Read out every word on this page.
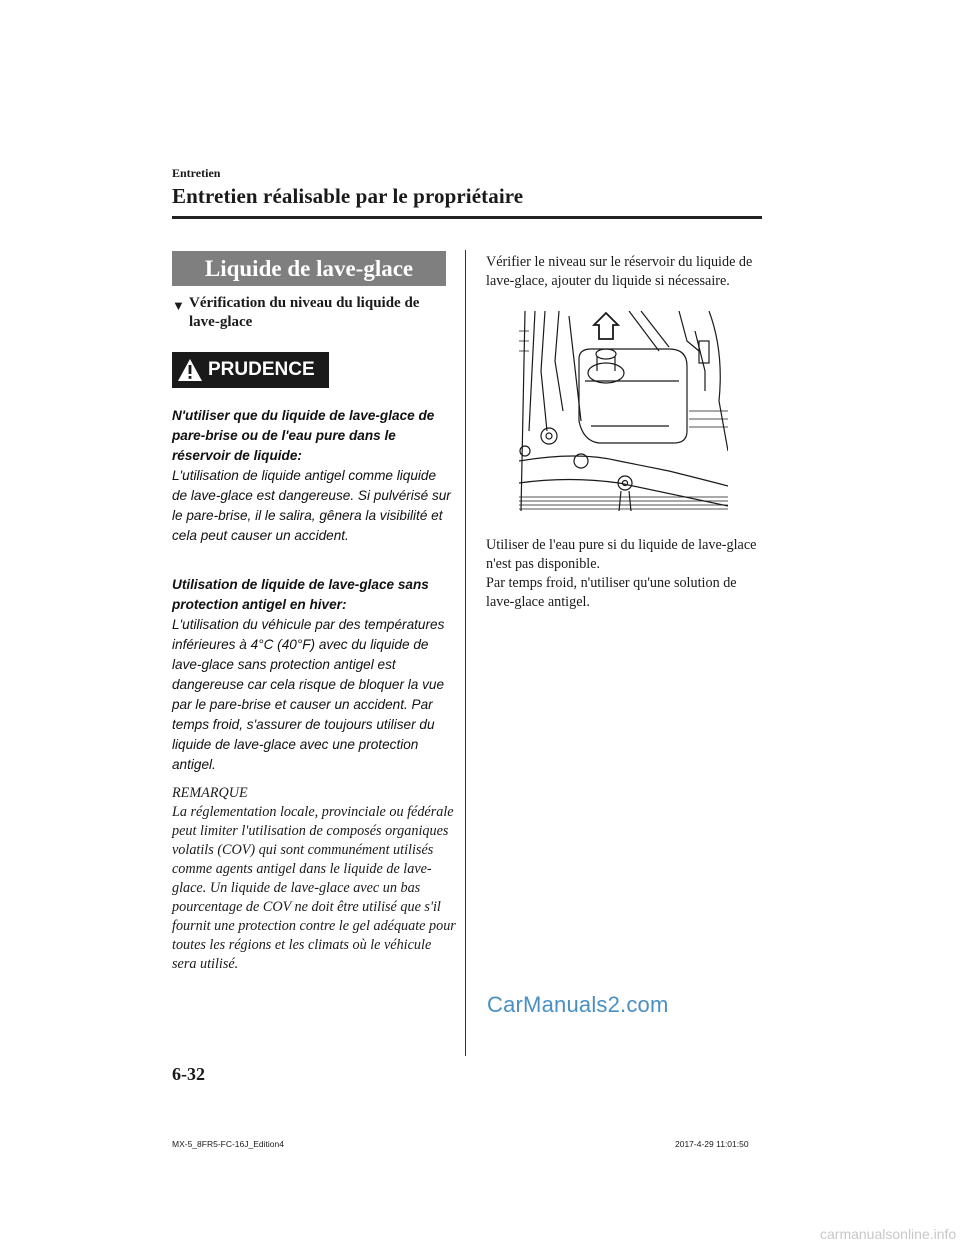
Entretien
Entretien réalisable par le propriétaire
Liquide de lave-glace
▼ Vérification du niveau du liquide de lave-glace
PRUDENCE
N'utiliser que du liquide de lave-glace de pare-brise ou de l'eau pure dans le réservoir de liquide:
L'utilisation de liquide antigel comme liquide de lave-glace est dangereuse. Si pulvérisé sur le pare-brise, il le salira, gênera la visibilité et cela peut causer un accident.
Utilisation de liquide de lave-glace sans protection antigel en hiver:
L'utilisation du véhicule par des températures inférieures à 4°C (40°F) avec du liquide de lave-glace sans protection antigel est dangereuse car cela risque de bloquer la vue par le pare-brise et causer un accident. Par temps froid, s'assurer de toujours utiliser du liquide de lave-glace avec une protection antigel.
REMARQUE
La réglementation locale, provinciale ou fédérale peut limiter l'utilisation de composés organiques volatils (COV) qui sont communément utilisés comme agents antigel dans le liquide de lave-glace. Un liquide de lave-glace avec un bas pourcentage de COV ne doit être utilisé que s'il fournit une protection contre le gel adéquate pour toutes les régions et les climats où le véhicule sera utilisé.
Vérifier le niveau sur le réservoir du liquide de lave-glace, ajouter du liquide si nécessaire.
Utiliser de l'eau pure si du liquide de lave-glace n'est pas disponible.
Par temps froid, n'utiliser qu'une solution de lave-glace antigel.
CarManuals2.com
6-32
MX-5_8FR5-FC-16J_Edition4	2017-4-29 11:01:50
carmanualsonline.info
